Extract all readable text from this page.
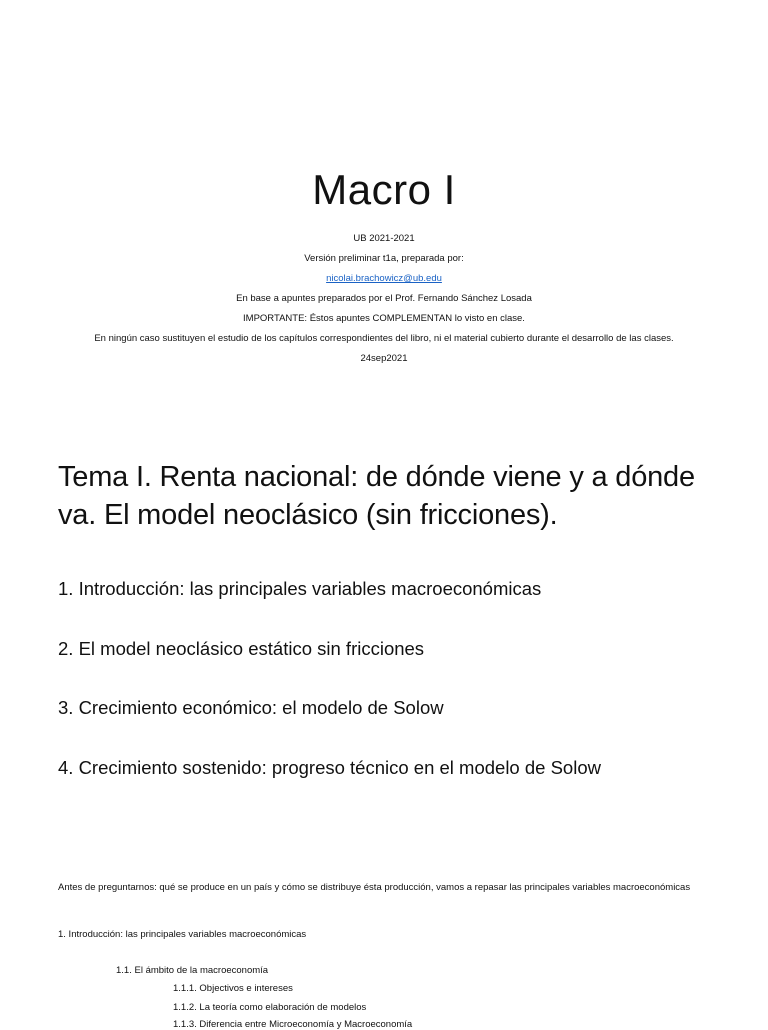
Macro I
UB 2021-2021
Versión preliminar t1a, preparada por:
nicolai.brachowicz@ub.edu
En base a apuntes preparados por el Prof. Fernando Sánchez Losada
IMPORTANTE: Éstos apuntes COMPLEMENTAN lo visto en clase.
En ningún caso sustituyen el estudio de los capítulos correspondientes del libro, ni el material cubierto durante el desarrollo de las clases.
24sep2021
Tema I. Renta nacional: de dónde viene y a dónde va. El model neoclásico (sin fricciones).
1. Introducción: las principales variables macroeconómicas
2. El model neoclásico estático sin fricciones
3. Crecimiento económico: el modelo de Solow
4. Crecimiento sostenido: progreso técnico en el modelo de Solow
Antes de preguntarnos: qué se produce en un país y cómo se distribuye ésta producción, vamos a repasar las principales variables macroeconómicas
1. Introducción: las principales variables macroeconómicas
1.1. El ámbito de la macroeconomía
1.1.1. Objectivos e intereses
1.1.2. La teoría como elaboración de modelos
1.1.3. Diferencia entre Microeconomía y Macroeconomía
